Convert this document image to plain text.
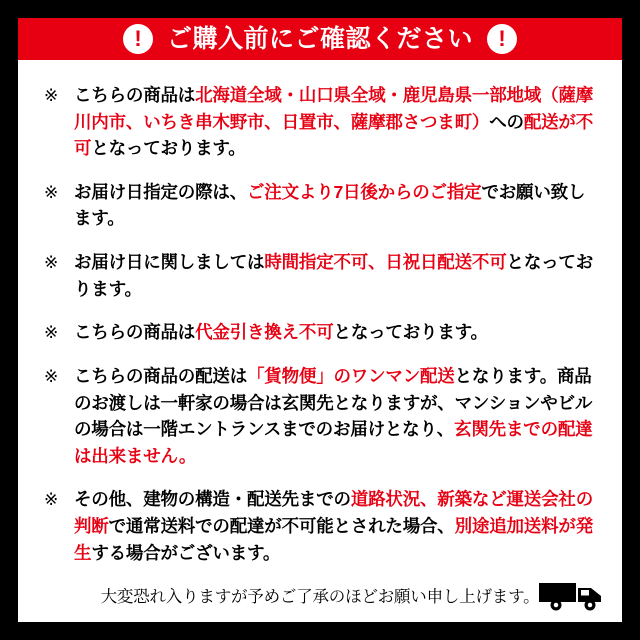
!	ご購入前にご確認ください	!
※ こちらの商品は北海道全域・山口県全域・鹿児島県一部地域（薩摩川内市、いちき串木野市、日置市、薩摩郡さつま町）への配送が不可となっております。
※ お届け日指定の際は、ご注文より7日後からのご指定でお願い致します。
※ お届け日に関しましては時間指定不可、日祝日配送不可となっております。
※ こちらの商品は代金引き換え不可となっております。
※ こちらの商品の配送は「貨物便」のワンマン配送となります。商品のお渡しは一軒家の場合は玄関先となりますが、マンションやビルの場合は一階エントランスまでのお届けとなり、玄関先までの配達は出来ません。
※ その他、建物の構造・配送先までの道路状況、新築など運送会社の判断で通常送料での配達が不可能とされた場合、別途追加送料が発生する場合がございます。
大変恐れ入りますが予めご了承のほどお願い申し上げます。
